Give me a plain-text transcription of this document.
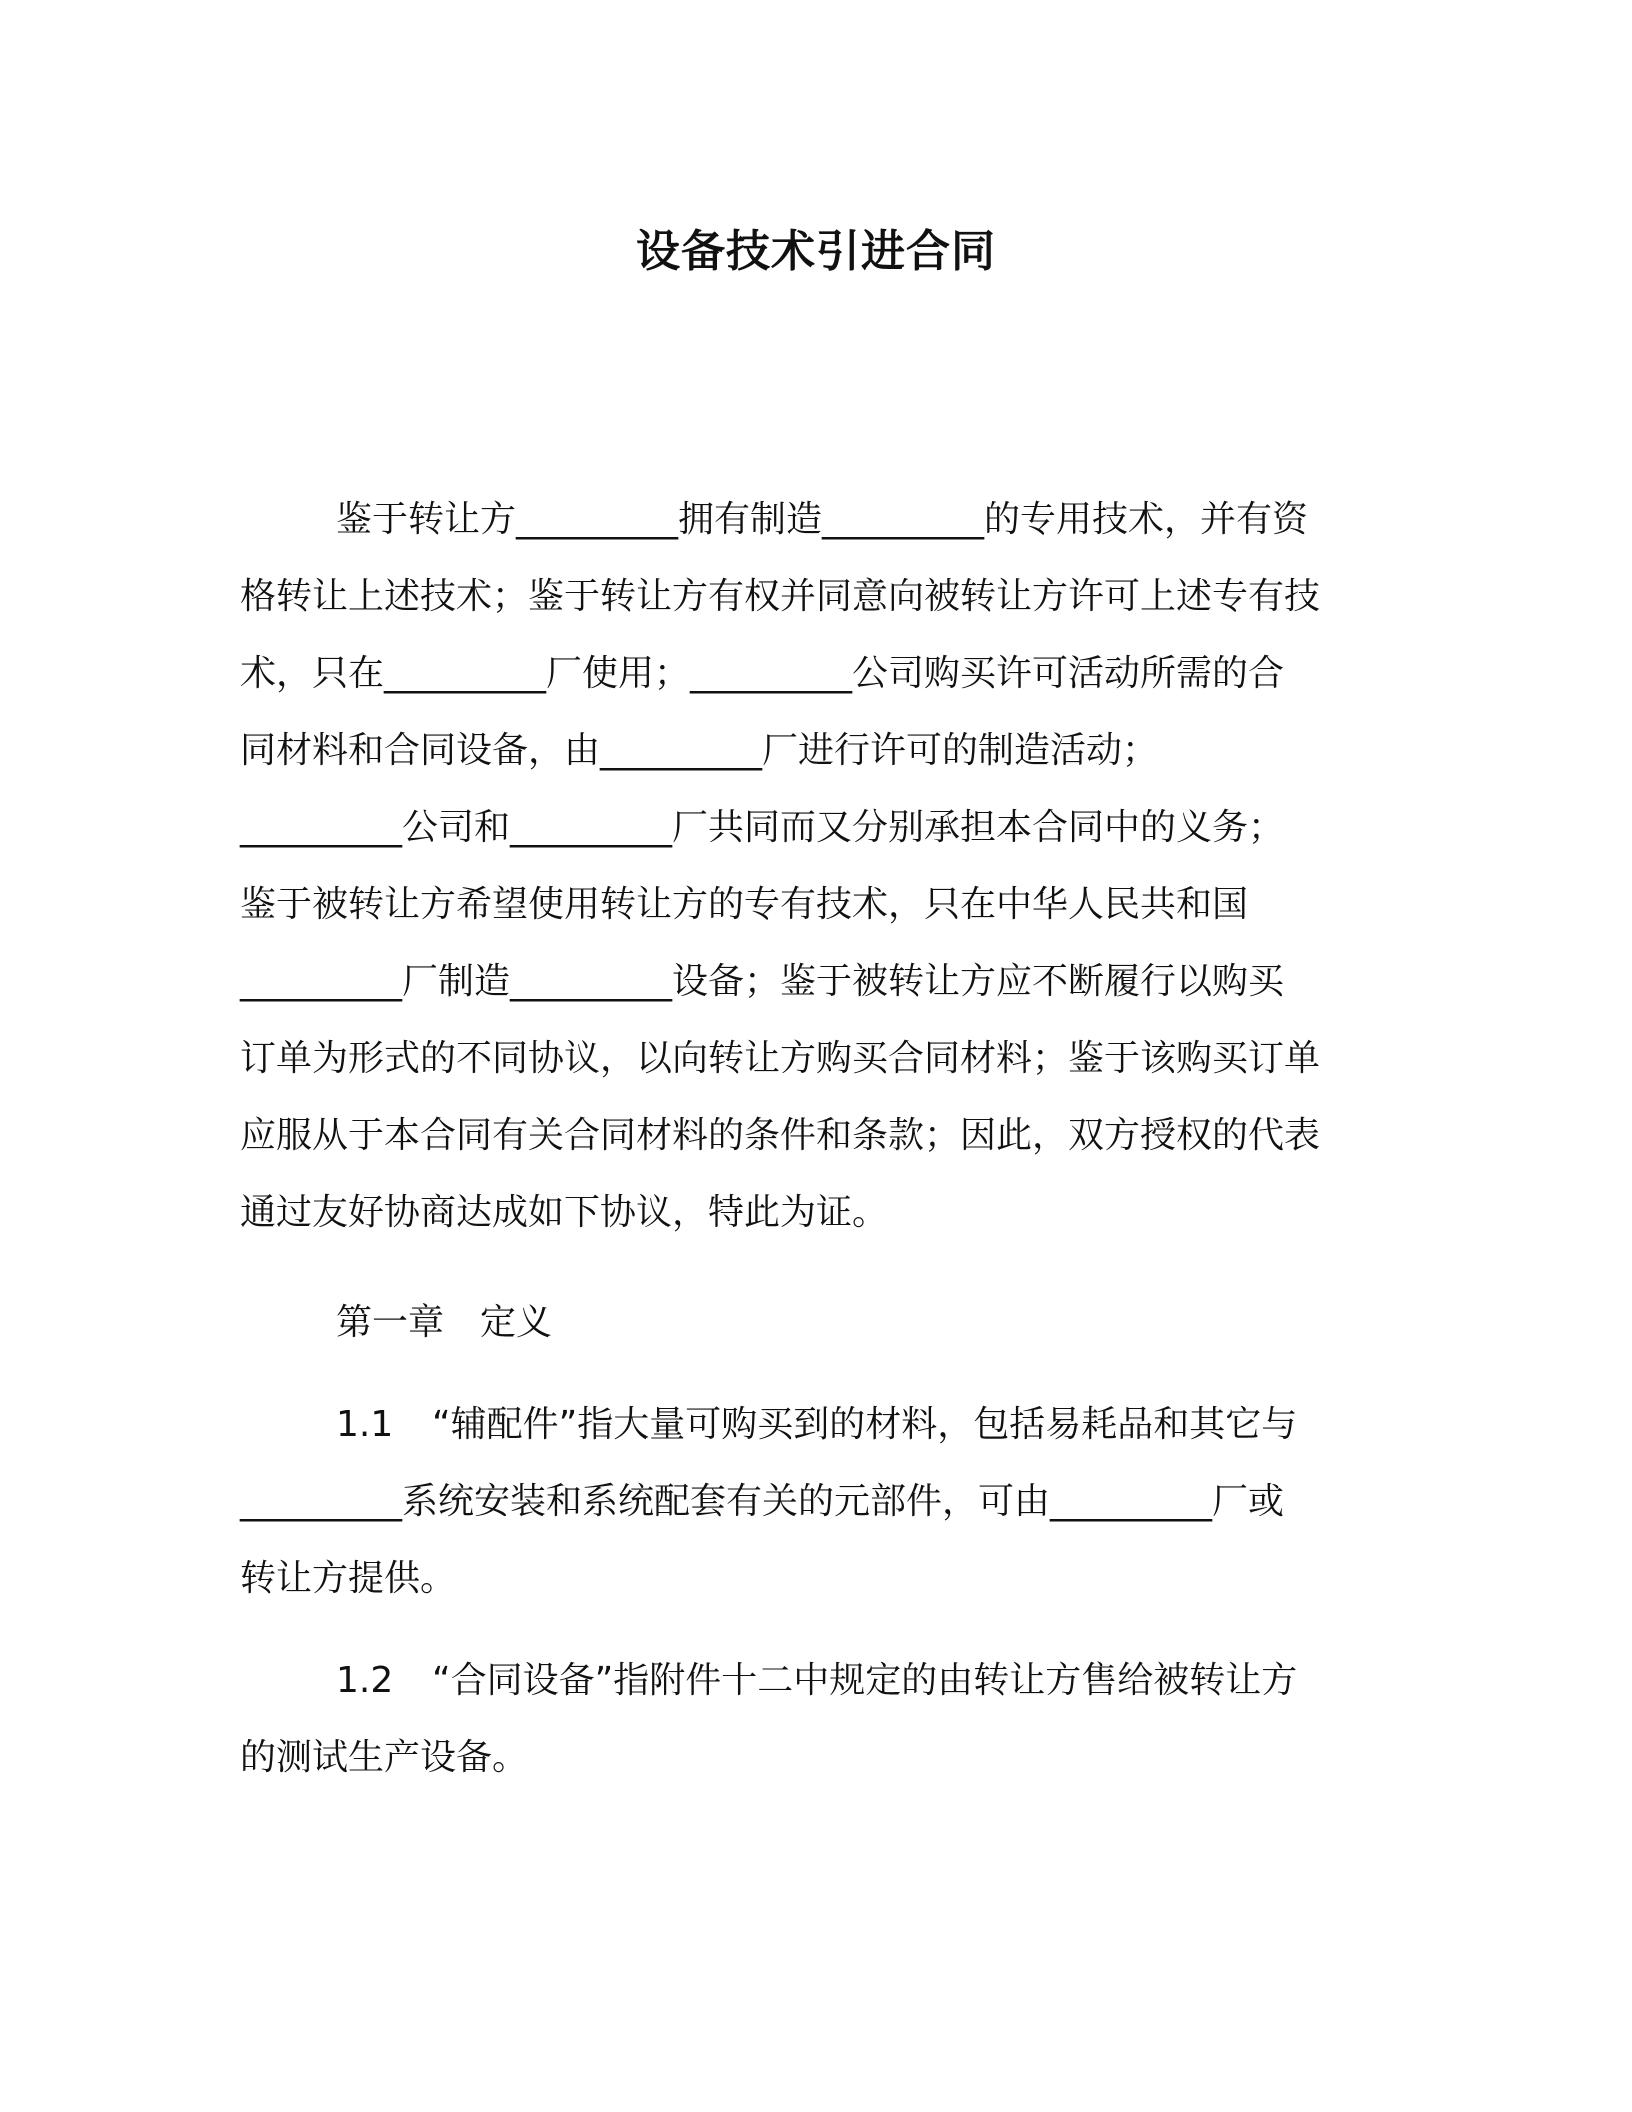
设备技术引进合同
鉴于转让方_________拥有制造_________的专用技术，并有资
格转让上述技术；鉴于转让方有权并同意向被转让方许可上述专有技
术，只在_________厂使用；_________公司购买许可活动所需的合
同材料和合同设备，由_________厂进行许可的制造活动；
_________公司和_________厂共同而又分别承担本合同中的义务；
鉴于被转让方希望使用转让方的专有技术，只在中华人民共和国
_________厂制造_________设备；鉴于被转让方应不断履行以购买
订单为形式的不同协议，以向转让方购买合同材料；鉴于该购买订单
应服从于本合同有关合同材料的条件和条款；因此，双方授权的代表
通过友好协商达成如下协议，特此为证。
第一章　定义
1.1 “辅配件”指大量可购买到的材料，包括易耗品和其它与
_________系统安装和系统配套有关的元部件，可由_________厂或
转让方提供。
1.2 “合同设备”指附件十二中规定的由转让方售给被转让方
的测试生产设备。
